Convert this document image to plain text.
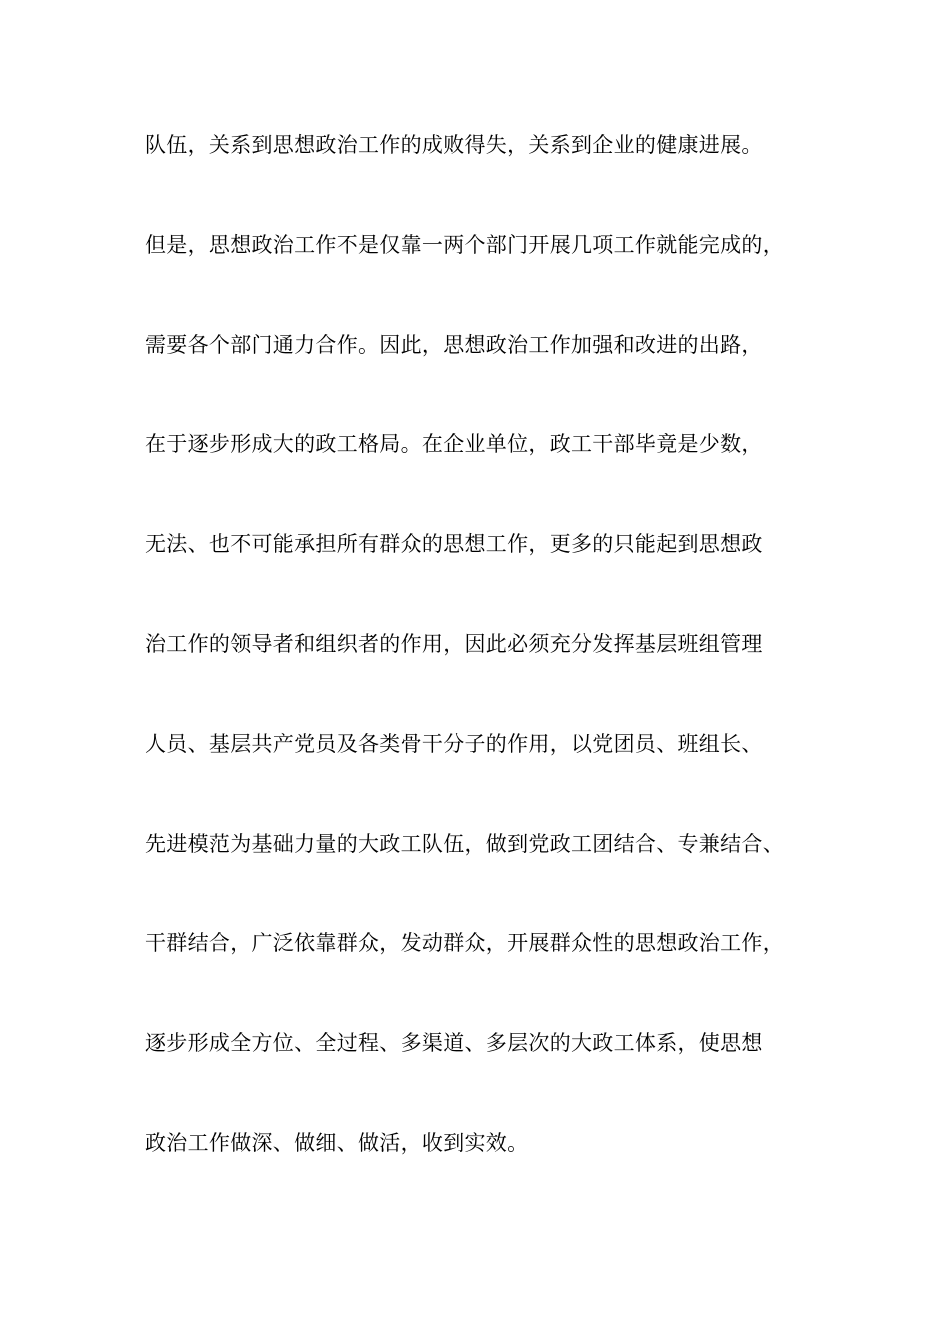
队伍，关系到思想政治工作的成败得失，关系到企业的健康进展。
但是，思想政治工作不是仅靠一两个部门开展几项工作就能完成的，
需要各个部门通力合作。因此，思想政治工作加强和改进的出路，
在于逐步形成大的政工格局。在企业单位，政工干部毕竟是少数，
无法、也不可能承担所有群众的思想工作，更多的只能起到思想政
治工作的领导者和组织者的作用，因此必须充分发挥基层班组管理
人员、基层共产党员及各类骨干分子的作用，以党团员、班组长、
先进模范为基础力量的大政工队伍，做到党政工团结合、专兼结合、
干群结合，广泛依靠群众，发动群众，开展群众性的思想政治工作，
逐步形成全方位、全过程、多渠道、多层次的大政工体系，使思想
政治工作做深、做细、做活，收到实效。
